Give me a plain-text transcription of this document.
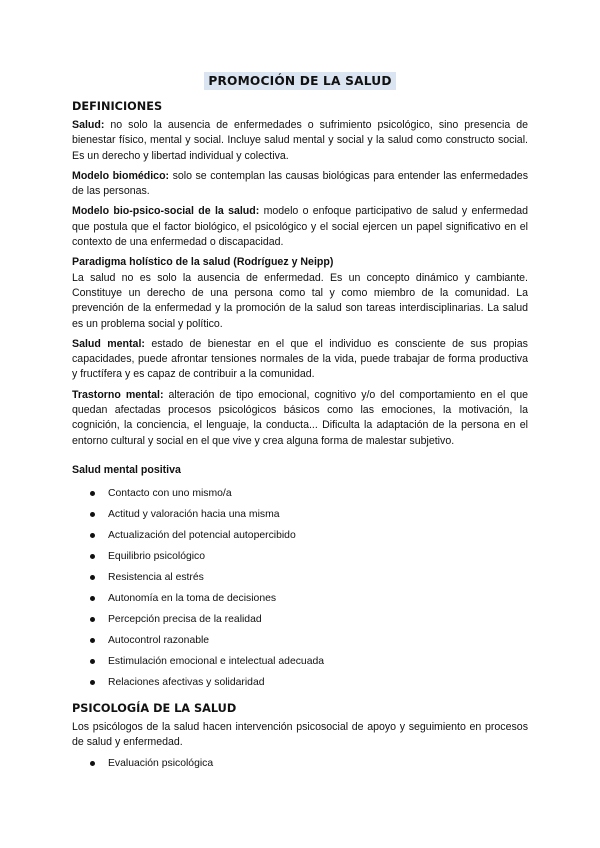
PROMOCIÓN DE LA SALUD
DEFINICIONES

Salud: no solo la ausencia de enfermedades o sufrimiento psicológico, sino presencia de bienestar físico, mental y social. Incluye salud mental y social y la salud como constructo social. Es un derecho y libertad individual y colectiva.

Modelo biomédico: solo se contemplan las causas biológicas para entender las enfermedades de las personas.

Modelo bio-psico-social de la salud: modelo o enfoque participativo de salud y enfermedad que postula que el factor biológico, el psicológico y el social ejercen un papel significativo en el contexto de una enfermedad o discapacidad.

Paradigma holístico de la salud (Rodríguez y Neipp)

La salud no es solo la ausencia de enfermedad. Es un concepto dinámico y cambiante. Constituye un derecho de una persona como tal y como miembro de la comunidad. La prevención de la enfermedad y la promoción de la salud son tareas interdisciplinarias. La salud es un problema social y político.

Salud mental: estado de bienestar en el que el individuo es consciente de sus propias capacidades, puede afrontar tensiones normales de la vida, puede trabajar de forma productiva y fructífera y es capaz de contribuir a la comunidad.

Trastorno mental: alteración de tipo emocional, cognitivo y/o del comportamiento en el que quedan afectadas procesos psicológicos básicos como las emociones, la motivación, la cognición, la conciencia, el lenguaje, la conducta... Dificulta la adaptación de la persona en el entorno cultural y social en el que vive y crea alguna forma de malestar subjetivo.

Salud mental positiva
Contacto con uno mismo/a
Actitud y valoración hacia una misma
Actualización del potencial autopercibido
Equilibrio psicológico
Resistencia al estrés
Autonomía en la toma de decisiones
Percepción precisa de la realidad
Autocontrol razonable
Estimulación emocional e intelectual adecuada
Relaciones afectivas y solidaridad
PSICOLOGÍA DE LA SALUD

Los psicólogos de la salud hacen intervención psicosocial de apoyo y seguimiento en procesos de salud y enfermedad.

Evaluación psicológica
